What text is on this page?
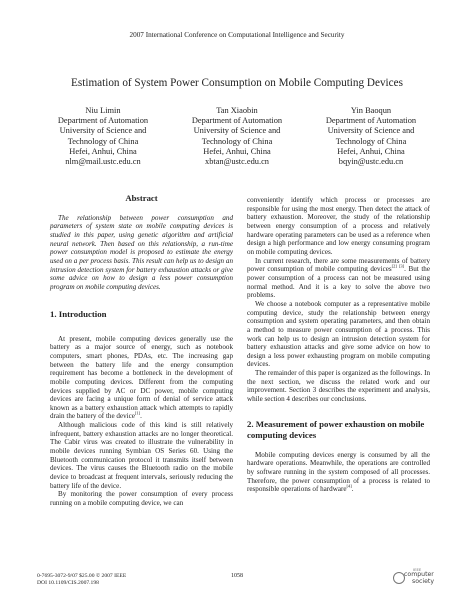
2007 International Conference on Computational Intelligence and Security
Estimation of System Power Consumption on Mobile Computing Devices
Niu Limin
Department of Automation
University of Science and
Technology of China
Hefei, Anhui, China
nlm@mail.ustc.edu.cn
Tan Xiaobin
Department of Automation
University of Science and
Technology of China
Hefei, Anhui, China
xbtan@ustc.edu.cn
Yin Baoqun
Department of Automation
University of Science and
Technology of China
Hefei, Anhui, China
bqyin@ustc.edu.cn
Abstract

The relationship between power consumption and parameters of system state on mobile computing devices is studied in this paper, using genetic algorithm and artificial neural network. Then based on this relationship, a run-time power consumption model is proposed to estimate the energy used on a per process basis. This result can help us to design an intrusion detection system for battery exhaustion attacks or give some advice on how to design a less power consumption program on mobile computing devices.

1. Introduction

At present, mobile computing devices generally use the battery as a major source of energy, such as notebook computers, smart phones, PDAs, etc. The increasing gap between the battery life and the energy consumption requirement has become a bottleneck in the development of mobile computing devices. Different from the computing devices supplied by AC or DC power, mobile computing devices are facing a unique form of denial of service attack known as a battery exhaustion attack which attempts to rapidly drain the battery of the device[1].

Although malicious code of this kind is still relatively infrequent, battery exhaustion attacks are no longer theoretical. The Cabir virus was created to illustrate the vulnerability in mobile devices running Symbian OS Series 60. Using the Bluetooth communication protocol it transmits itself between devices. The virus causes the Bluetooth radio on the mobile device to broadcast at frequent intervals, seriously reducing the battery life of the device.

By monitoring the power consumption of every process running on a mobile computing device, we can

conveniently identify which process or processes are responsible for using the most energy. Then detect the attack of battery exhaustion. Moreover, the study of the relationship between energy consumption of a process and relatively hardware operating parameters can be used as a reference when design a high performance and low energy consuming program on mobile computing devices.

In current research, there are some measurements of battery power consumption of mobile computing devices[2] [3]. But the power consumption of a process can not be measured using normal method. And it is a key to solve the above two problems.

We choose a notebook computer as a representative mobile computing device, study the relationship between energy consumption and system operating parameters, and then obtain a method to measure power consumption of a process. This work can help us to design an intrusion detection system for battery exhaustion attacks and give some advice on how to design a less power exhausting program on mobile computing devices.

The remainder of this paper is organized as the followings. In the next section, we discuss the related work and our improvement. Section 3 describes the experiment and analysis, while section 4 describes our conclusions.

2. Measurement of power exhaustion on mobile computing devices

Mobile computing devices energy is consumed by all the hardware operations. Meanwhile, the operations are controlled by software running in the system composed of all processes. Therefore, the power consumption of a process is related to responsible operations of hardware[4].

0-7695-3072-9/07 $25.00 © 2007 IEEE
DOI 10.1109/CIS.2007.198
1058
IEEE
computer
society
